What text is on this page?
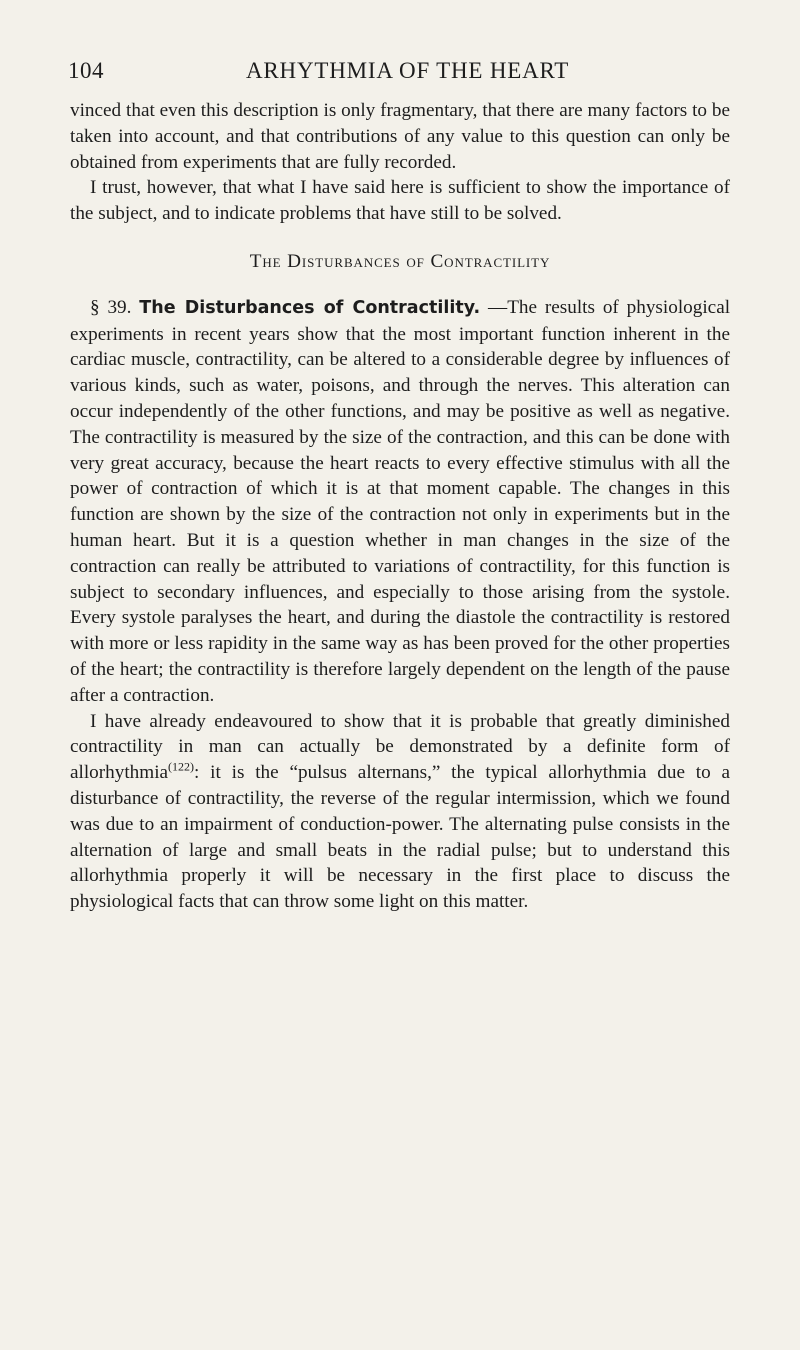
104	ARHYTHMIA OF THE HEART

vinced that even this description is only fragmentary, that there are many factors to be taken into account, and that contributions of any value to this question can only be obtained from experiments that are fully recorded.

I trust, however, that what I have said here is sufficient to show the importance of the subject, and to indicate problems that have still to be solved.

The Disturbances of Contractility

§ 39. The Disturbances of Contractility. —The results of physiological experiments in recent years show that the most important function inherent in the cardiac muscle, contractility, can be altered to a considerable degree by influences of various kinds, such as water, poisons, and through the nerves. This alteration can occur independently of the other functions, and may be positive as well as negative. The contractility is measured by the size of the contraction, and this can be done with very great accuracy, because the heart reacts to every effective stimulus with all the power of contraction of which it is at that moment capable. The changes in this function are shown by the size of the contraction not only in experiments but in the human heart. But it is a question whether in man changes in the size of the contraction can really be attributed to variations of contractility, for this function is subject to secondary influences, and especially to those arising from the systole. Every systole paralyses the heart, and during the diastole the contractility is restored with more or less rapidity in the same way as has been proved for the other properties of the heart; the contractility is therefore largely dependent on the length of the pause after a contraction.

I have already endeavoured to show that it is probable that greatly diminished contractility in man can actually be demonstrated by a definite form of allorhythmia$^{(122)}$: it is the “pulsus alternans,” the typical allorhythmia due to a disturbance of contractility, the reverse of the regular intermission, which we found was due to an impairment of conduction-power. The alternating pulse consists in the alternation of large and small beats in the radial pulse; but to understand this allorhythmia properly it will be necessary in the first place to discuss the physiological facts that can throw some light on this matter.
